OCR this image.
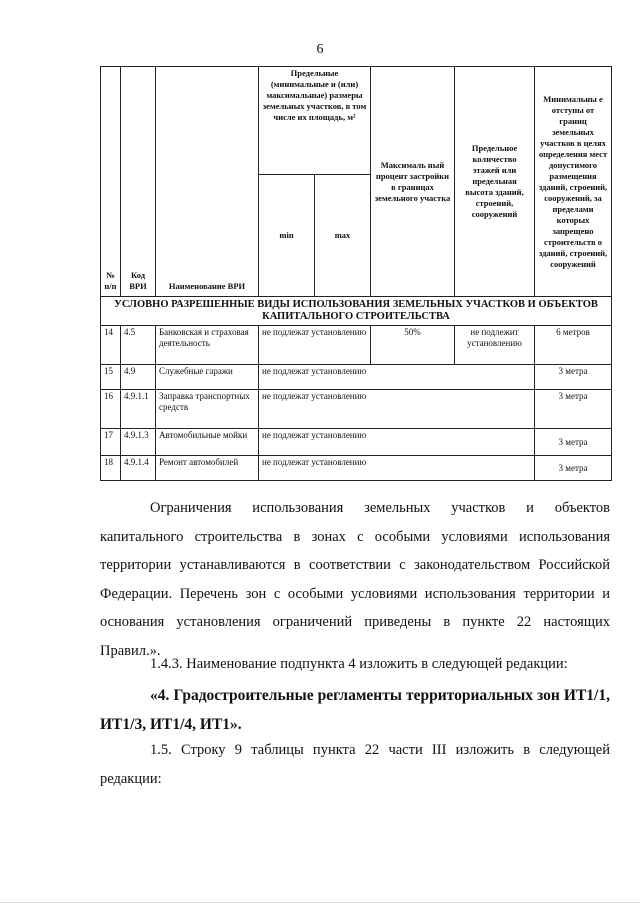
6
№ п/п	Код ВРИ	Наименование ВРИ	Предельные (минимальные и (или) максимальные) размеры земельных участков, в том числе их площадь, м²		Максималь ный процент застройки в границах земельного участка	Предельное количество этажей или предельная высота зданий, строений, сооружений	Минимальны е отступы от границ земельных участков в целях определения мест допустимого размещения зданий, строений, сооружений, за пределами которых запрещено строительств о зданий, строений, сооружений
			min	max			
УСЛОВНО РАЗРЕШЕННЫЕ ВИДЫ ИСПОЛЬЗОВАНИЯ ЗЕМЕЛЬНЫХ УЧАСТКОВ И ОБЪЕКТОВ КАПИТАЛЬНОГО СТРОИТЕЛЬСТВА							
14	4.5	Банковская и страховая деятельность	не подлежат установлению		50%	не подлежит установлению	6 метров
15	4.9	Служебные гаражи	не подлежат установлению				3 метра
16	4.9.1.1	Заправка транспортных средств	не подлежат установлению				3 метра
17	4.9.1.3	Автомобильные мойки	не подлежат установлению				3 метра
18	4.9.1.4	Ремонт автомобилей	не подлежат установлению				3 метра

Ограничения использования земельных участков и объектов капитального строительства в зонах с особыми условиями использования территории устанавливаются в соответствии с законодательством Российской Федерации. Перечень зон с особыми условиями использования территории и основания установления ограничений приведены в пункте 22 настоящих Правил.».

1.4.3. Наименование подпункта 4 изложить в следующей редакции:

«4. Градостроительные регламенты территориальных зон ИТ1/1, ИТ1/3, ИТ1/4, ИТ1».

1.5. Строку 9 таблицы пункта 22 части III изложить в следующей редакции:
